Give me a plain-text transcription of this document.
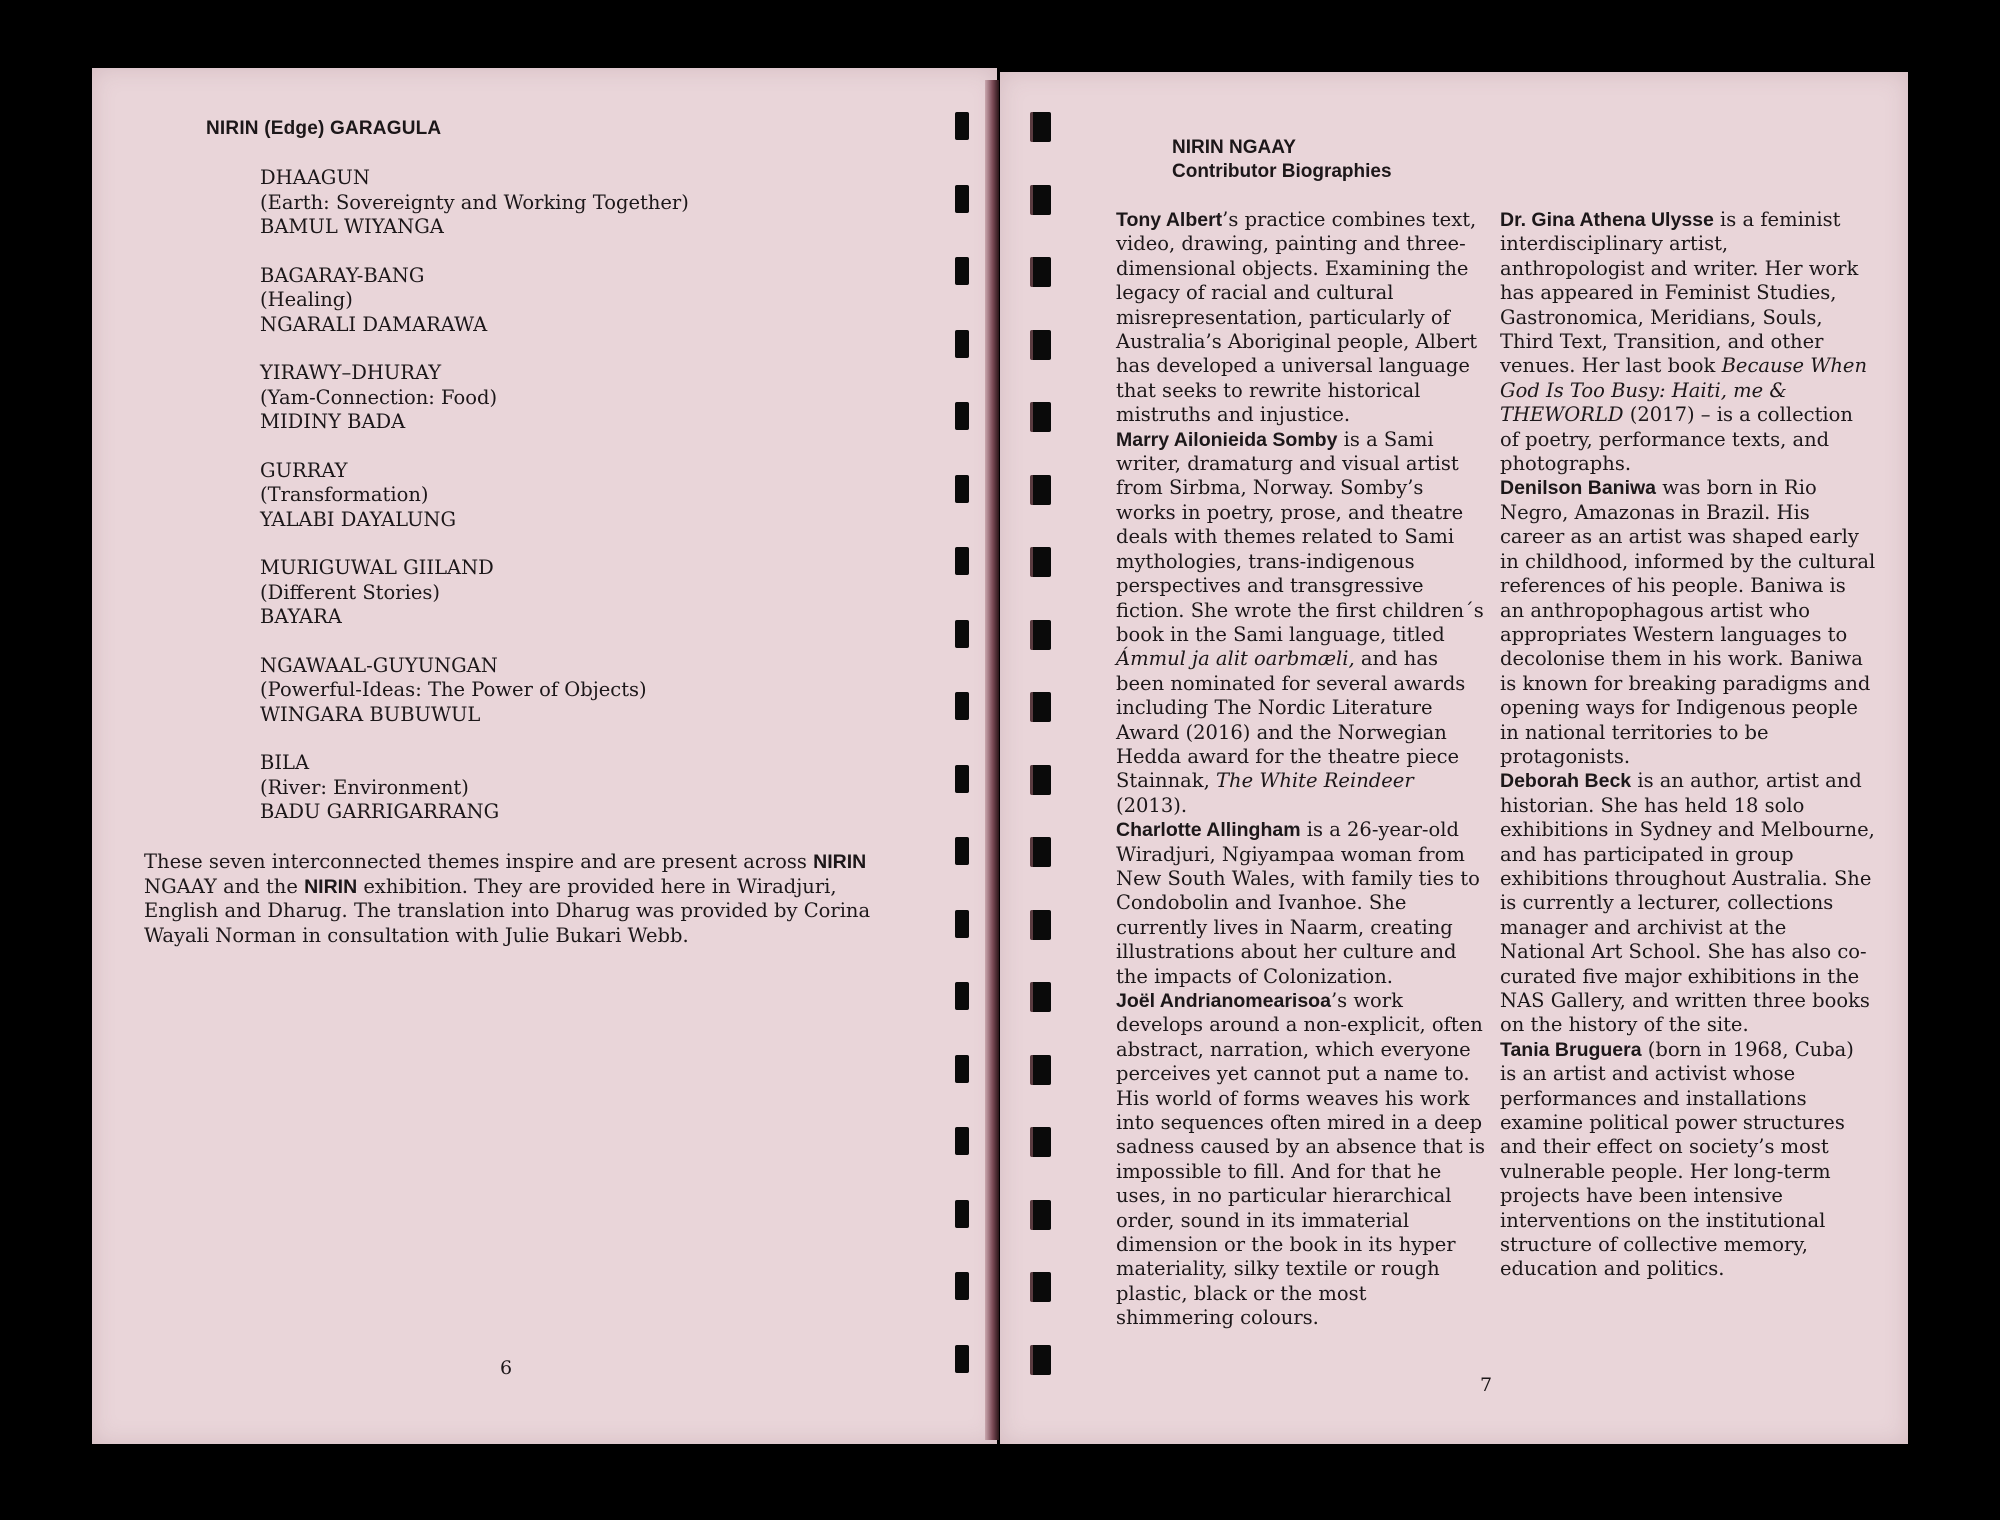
NIRIN (Edge) GARAGULA
DHAAGUN
(Earth: Sovereignty and Working Together)
BAMUL WIYANGA
BAGARAY-BANG
(Healing)
NGARALI DAMARAWA
YIRAWY–DHURAY
(Yam-Connection: Food)
MIDINY BADA
GURRAY
(Transformation)
YALABI DAYALUNG
MURIGUWAL GIILAND
(Different Stories)
BAYARA
NGAWAAL-GUYUNGAN
(Powerful-Ideas: The Power of Objects)
WINGARA BUBUWUL
BILA
(River: Environment)
BADU GARRIGARRANG

These seven interconnected themes inspire and are present across NIRIN NGAAY and the NIRIN exhibition. They are provided here in Wiradjuri, English and Dharug. The translation into Dharug was provided by Corina Wayali Norman in consultation with Julie Bukari Webb.

6
NIRIN NGAAY
Contributor Biographies

Tony Albert’s practice combines text, video, drawing, painting and three-dimensional objects. Examining the legacy of racial and cultural misrepresentation, particularly of Australia’s Aboriginal people, Albert has developed a universal language that seeks to rewrite historical mistruths and injustice.

Marry Ailonieida Somby is a Sami writer, dramaturg and visual artist from Sirbma, Norway. Somby’s works in poetry, prose, and theatre deals with themes related to Sami mythologies, trans-indigenous perspectives and transgressive fiction. She wrote the first children´s book in the Sami language, titled Ámmul ja alit oarbmæli, and has been nominated for several awards including The Nordic Literature Award (2016) and the Norwegian Hedda award for the theatre piece Stainnak, The White Reindeer (2013).

Charlotte Allingham is a 26-year-old Wiradjuri, Ngiyampaa woman from New South Wales, with family ties to Condobolin and Ivanhoe. She currently lives in Naarm, creating illustrations about her culture and the impacts of Colonization.

Joël Andrianomearisoa’s work develops around a non-explicit, often abstract, narration, which everyone perceives yet cannot put a name to. His world of forms weaves his work into sequences often mired in a deep sadness caused by an absence that is impossible to fill. And for that he uses, in no particular hierarchical order, sound in its immaterial dimension or the book in its hyper materiality, silky textile or rough plastic, black or the most shimmering colours.

Dr. Gina Athena Ulysse is a feminist interdisciplinary artist, anthropologist and writer. Her work has appeared in Feminist Studies, Gastronomica, Meridians, Souls, Third Text, Transition, and other venues. Her last book Because When God Is Too Busy: Haiti, me & THEWORLD (2017) – is a collection of poetry, performance texts, and photographs.

Denilson Baniwa was born in Rio Negro, Amazonas in Brazil. His career as an artist was shaped early in childhood, informed by the cultural references of his people. Baniwa is an anthropophagous artist who appropriates Western languages to decolonise them in his work. Baniwa is known for breaking paradigms and opening ways for Indigenous people in national territories to be protagonists.

Deborah Beck is an author, artist and historian. She has held 18 solo exhibitions in Sydney and Melbourne, and has participated in group exhibitions throughout Australia. She is currently a lecturer, collections manager and archivist at the National Art School. She has also co-curated five major exhibitions in the NAS Gallery, and written three books on the history of the site.

Tania Bruguera (born in 1968, Cuba) is an artist and activist whose performances and installations examine political power structures and their effect on society’s most vulnerable people. Her long-term projects have been intensive interventions on the institutional structure of collective memory, education and politics.

7
